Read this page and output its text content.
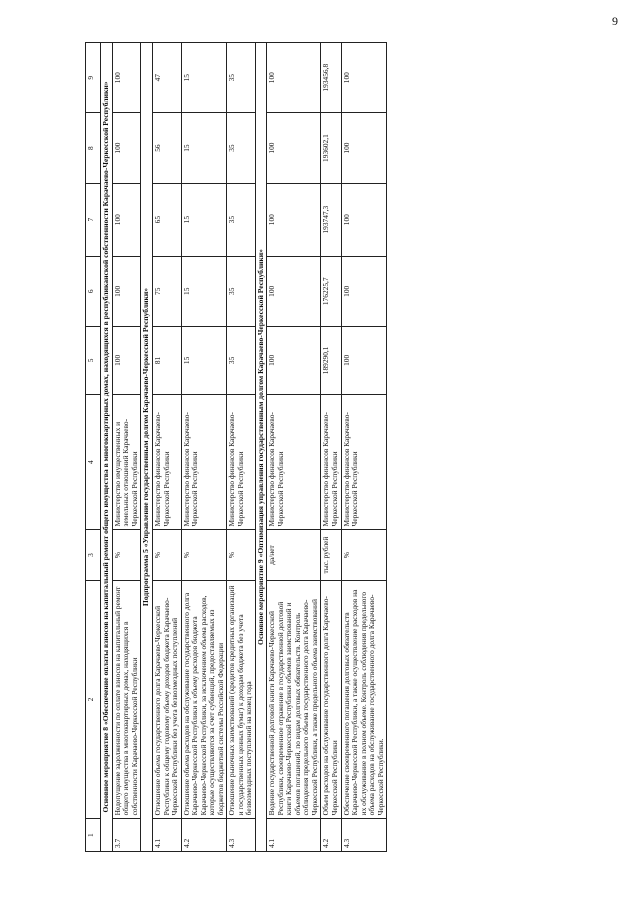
9
1	2	3	4	5	6	7	8	9
Основное мероприятие 8 «Обеспечение оплаты взносов на капитальный ремонт общего имущества в многоквартирных домах, находящихся в республиканской собственности Карачаево-Черкесской Республики»								
3.7	Недопущение задолженности по оплате взносов на капитальный ремонт общего имущества в многоквартирных домах, находящихся в собственности Карачаево-Черкесской Республики	%	Министерство имущественных и земельных отношений Карачаево-Черкесской Республики	100	100	100	100	100
Подпрограмма 5 «Управление государственным долгом Карачаево-Черкесской Республики»								
4.1	Отношение объема государственного долга Карачаево-Черкесской Республики к общему годовому объему доходов бюджета Карачаево-Черкесской Республики без учета безвозмездных поступлений	%	Министерство финансов Карачаево-Черкесской Республики	81	75	65	56	47
4.2	Отношение объема расходов на обслуживание государственного долга Карачаево-Черкесской Республики к объему расходов бюджета Карачаево-Черкесской Республики, за исключением объема расходов, которые осуществляются за счет субвенций, предоставляемых из бюджетов бюджетной системы Российской Федерации	%	Министерство финансов Карачаево-Черкесской Республики	15	15	15	15	15
4.3	Отношение рыночных заимствований (кредитов кредитных организаций и государственных ценных бумаг) к доходам бюджета без учета безвозмездных поступлений на конец года	%	Министерство финансов Карачаево-Черкесской Республики	35	35	35	35	35
Основное мероприятие 9 «Оптимизация управления государственным долгом Карачаево-Черкесской Республики»								
4.1	Ведение государственной долговой книги Карачаево-Черкесской Республики, своевременное отражение в государственной долговой книги Карачаево-Черкесской Республики объемов заимствований и объемов погашений, по видам долговых обязательств. Контроль соблюдения предельного объема государственного долга Карачаево-Черкесской Республики, а также предельного объема заимствований	да/нет	Министерство финансов Карачаево-Черкесской Республики	100	100	100	100	100
4.2	Объем расходов на обслуживание государственного долга Карачаево-Черкесской Республики	тыс. рублей	Министерство финансов Карачаево-Черкесской Республики	189290,1	176225,7	193747,3	193602,1	193456,8
4.3	Обеспечение своевременного погашения долговых обязательств Карачаево-Черкесской Республики, а также осуществление расходов на их обслуживание в полном объеме. Контроль соблюдения предельного объема расходов на обслуживание государственного долга Карачаево-Черкесской Республики.	%	Министерство финансов Карачаево-Черкесской Республики	100	100	100	100	100
